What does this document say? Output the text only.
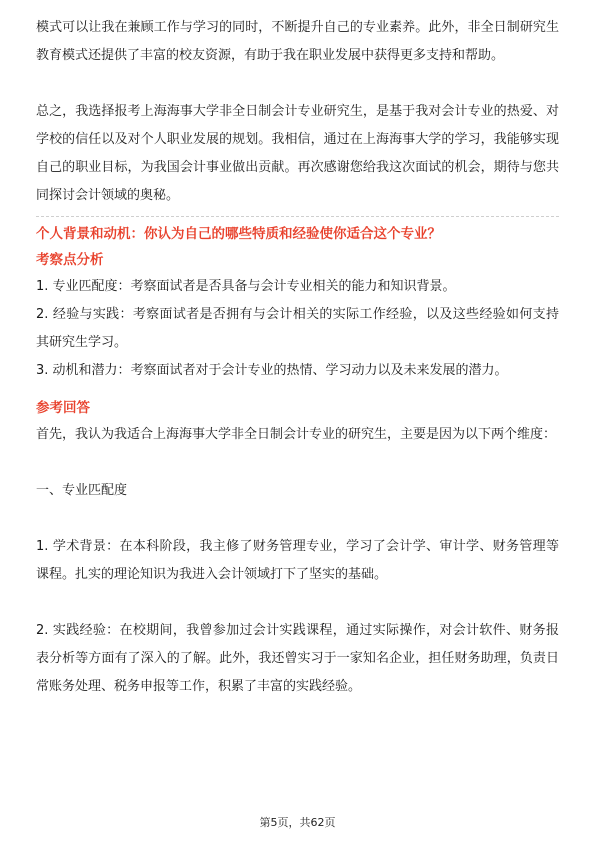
模式可以让我在兼顾工作与学习的同时，不断提升自己的专业素养。此外，非全日制研究生教育模式还提供了丰富的校友资源，有助于我在职业发展中获得更多支持和帮助。

总之，我选择报考上海海事大学非全日制会计专业研究生，是基于我对会计专业的热爱、对学校的信任以及对个人职业发展的规划。我相信，通过在上海海事大学的学习，我能够实现自己的职业目标，为我国会计事业做出贡献。再次感谢您给我这次面试的机会，期待与您共同探讨会计领域的奥秘。

个人背景和动机：你认为自己的哪些特质和经验使你适合这个专业？

考察点分析

1. 专业匹配度：考察面试者是否具备与会计专业相关的能力和知识背景。

2. 经验与实践：考察面试者是否拥有与会计相关的实际工作经验，以及这些经验如何支持其研究生学习。

3. 动机和潜力：考察面试者对于会计专业的热情、学习动力以及未来发展的潜力。

参考回答

首先，我认为我适合上海海事大学非全日制会计专业的研究生，主要是因为以下两个维度：

一、专业匹配度

1. 学术背景：在本科阶段，我主修了财务管理专业，学习了会计学、审计学、财务管理等课程。扎实的理论知识为我进入会计领域打下了坚实的基础。

2. 实践经验：在校期间，我曾参加过会计实践课程，通过实际操作，对会计软件、财务报表分析等方面有了深入的了解。此外，我还曾实习于一家知名企业，担任财务助理，负责日常账务处理、税务申报等工作，积累了丰富的实践经验。

第5页，共62页
